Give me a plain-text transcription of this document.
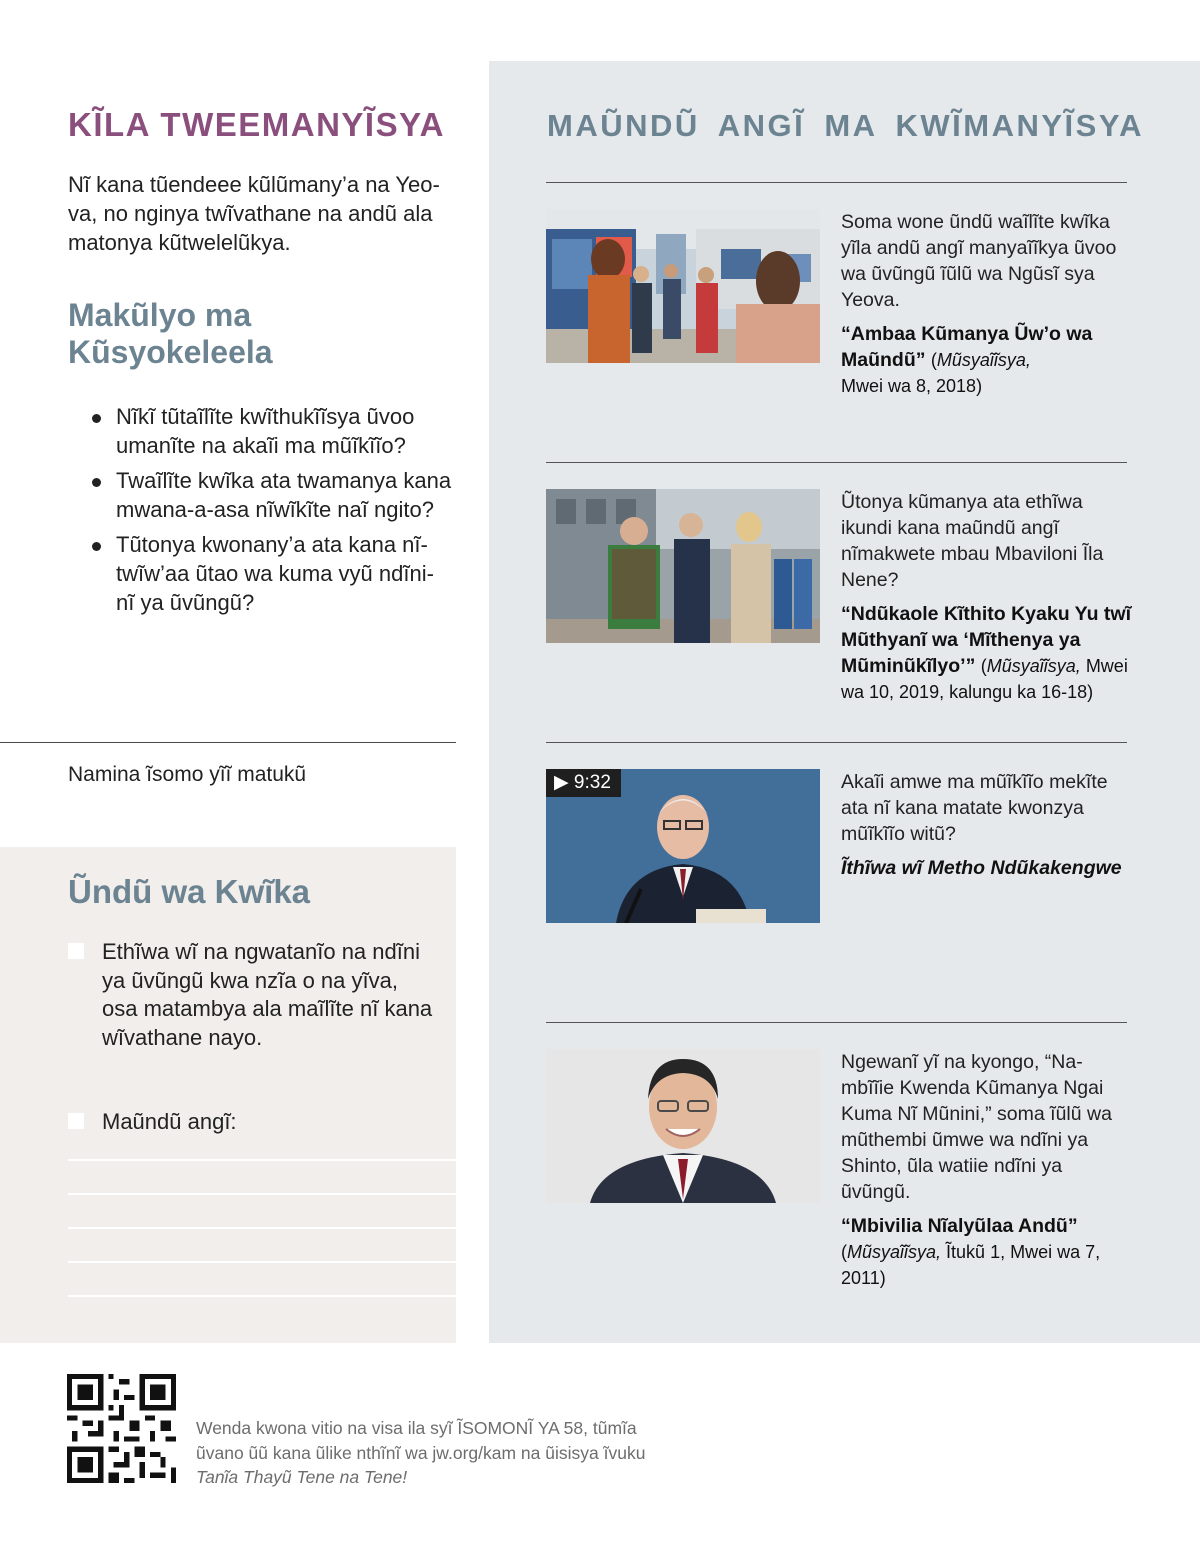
KĨLA TWEEMANYĨSYA

Nĩ kana tũendeee kũlũmany’a na Yeo-va, no nginya twĩvathane na andũ ala matonya kũtwelelũkya.

Makũlyo ma Kũsyokeleela
Nĩkĩ tũtaĩlĩte kwĩthukĩĩsya ũvoo umanĩte na akaĩi ma mũĩkĩĩo?
Twaĩlĩte kwĩka ata twamanya kana mwana-a-asa nĩwĩkĩte naĩ ngito?
Tũtonya kwonany’a ata kana nĩ-twĩw’aa ũtao wa kuma vyũ ndĩni-nĩ ya ũvũngũ?

Namina ĩsomo yĩĩ matukũ

Ũndũ wa Kwĩka

Ethĩwa wĩ na ngwatanĩo na ndĩni ya ũvũngũ kwa nzĩa o na yĩva, osa matambya ala maĩlĩte nĩ kana wĩvathane nayo.

Maũndũ angĩ:

MAŨNDŨ ANGĨ MA KWĨMANYĨSYA

Soma wone ũndũ waĩlĩte kwĩka yĩla andũ angĩ manyaĩĩkya ũvoo wa ũvũngũ ĩũlũ wa Ngũsĩ sya Yeova.

“Ambaa Kũmanya Ũw’o wa Maũndũ” (Mũsyaĩĩsya,
Mwei wa 8, 2018)

Ũtonya kũmanya ata ethĩwa ikundi kana maũndũ angĩ nĩmakwete mbau Mbaviloni Ĩla Nene?

“Ndũkaole Kĩthito Kyaku Yu twĩ Mũthyanĩ wa ‘Mĩthenya ya Mũminũkĩlyo’” (Mũsyaĩĩsya, Mwei wa 10, 2019, kalungu ka 16-18)

▶ 9:32	Akaĩi amwe ma mũĩkĩĩo mekĩte ata nĩ kana matate kwonzya mũĩkĩĩo witũ?

Ĩthĩwa wĩ Metho Ndũkakengwe

Ngewanĩ yĩ na kyongo, “Na-mbĩĩie Kwenda Kũmanya Ngai Kuma Nĩ Mũnini,” soma ĩũlũ wa mũthembi ũmwe wa ndĩni ya Shinto, ũla watiie ndĩni ya ũvũngũ.

“Mbivilia Nĩalyũlaa Andũ”
(Mũsyaĩĩsya, Ĩtukũ 1, Mwei wa 7, 2011)

Wenda kwona vitio na visa ila syĩ ĨSOMONĨ YA 58, tũmĩa ũvano ũũ kana ũlike nthĩnĩ wa jw.org/kam na ũisisya ĩvuku Tanĩa Thayũ Tene na Tene!
